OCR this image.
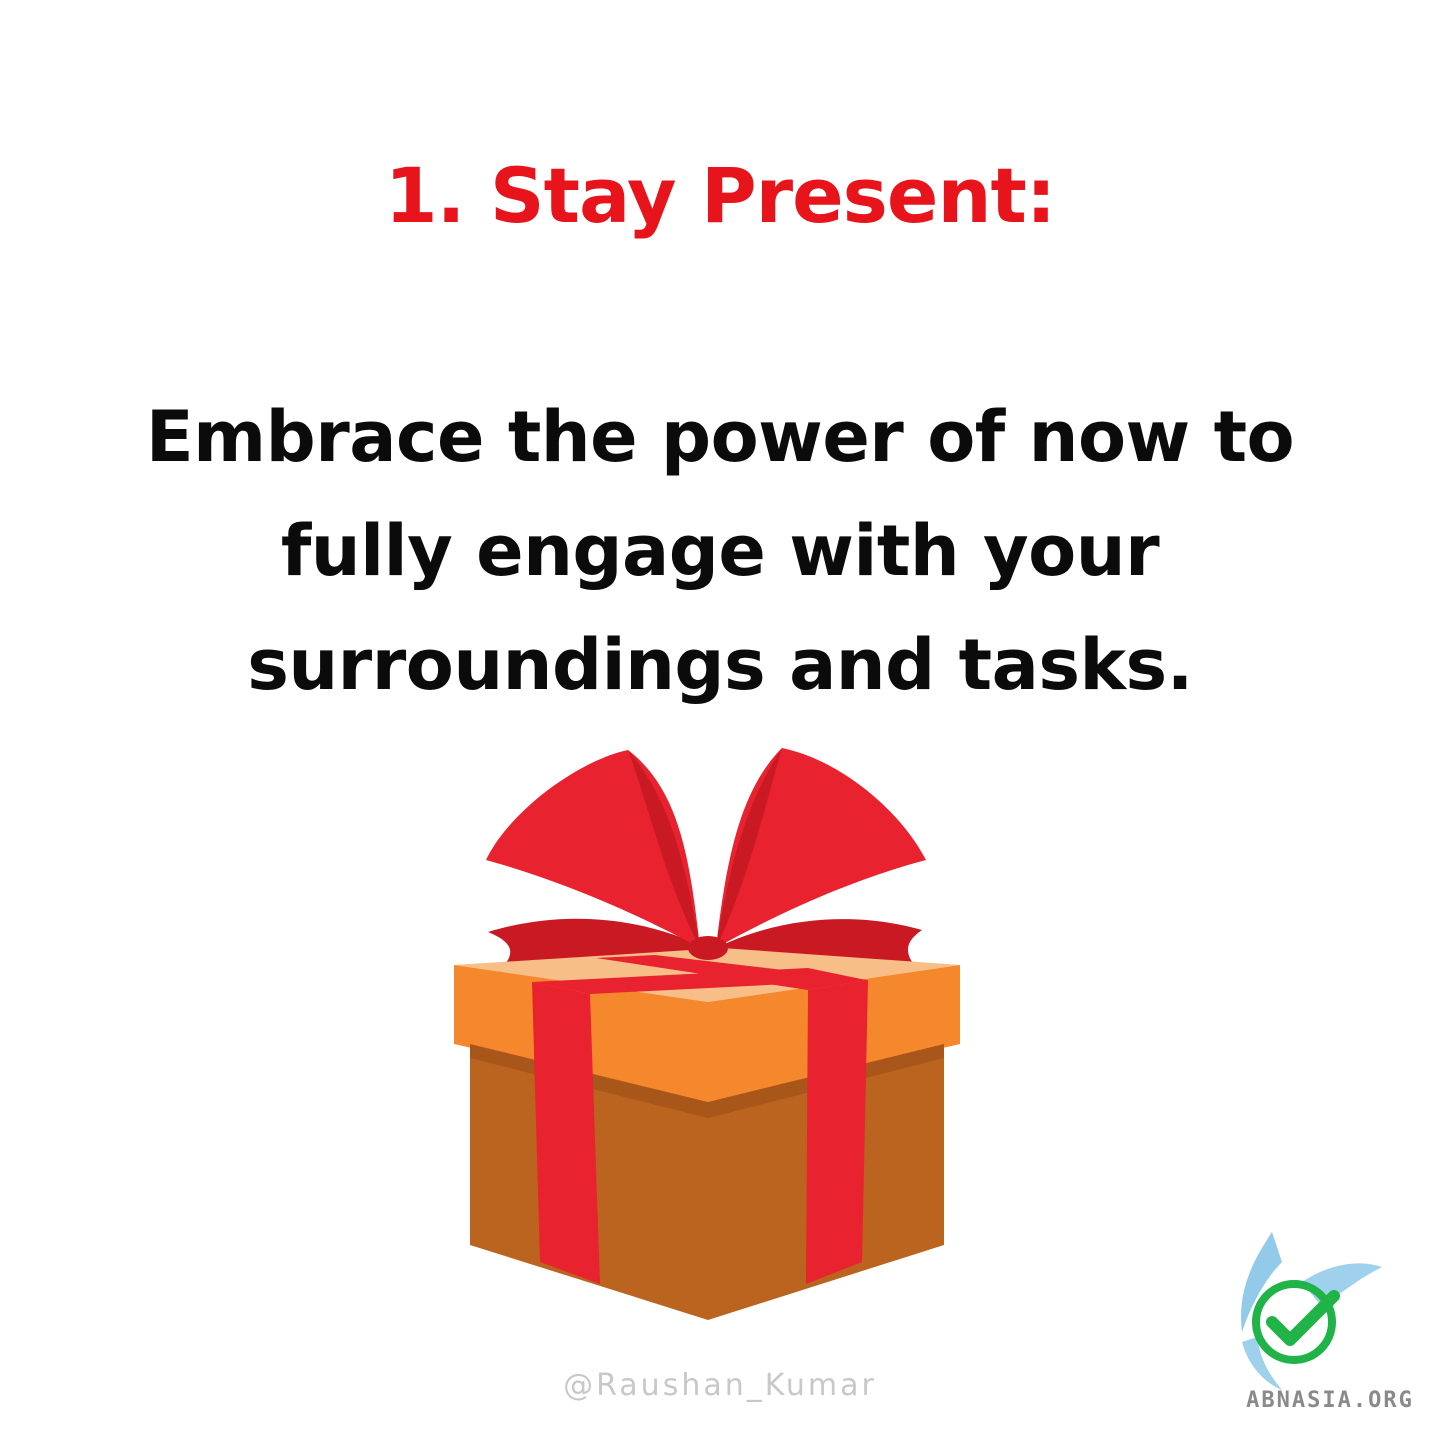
1. Stay Present:
Embrace the power of now to
fully engage with your
surroundings and tasks.
@Raushan_Kumar	ABNASIA.ORG
